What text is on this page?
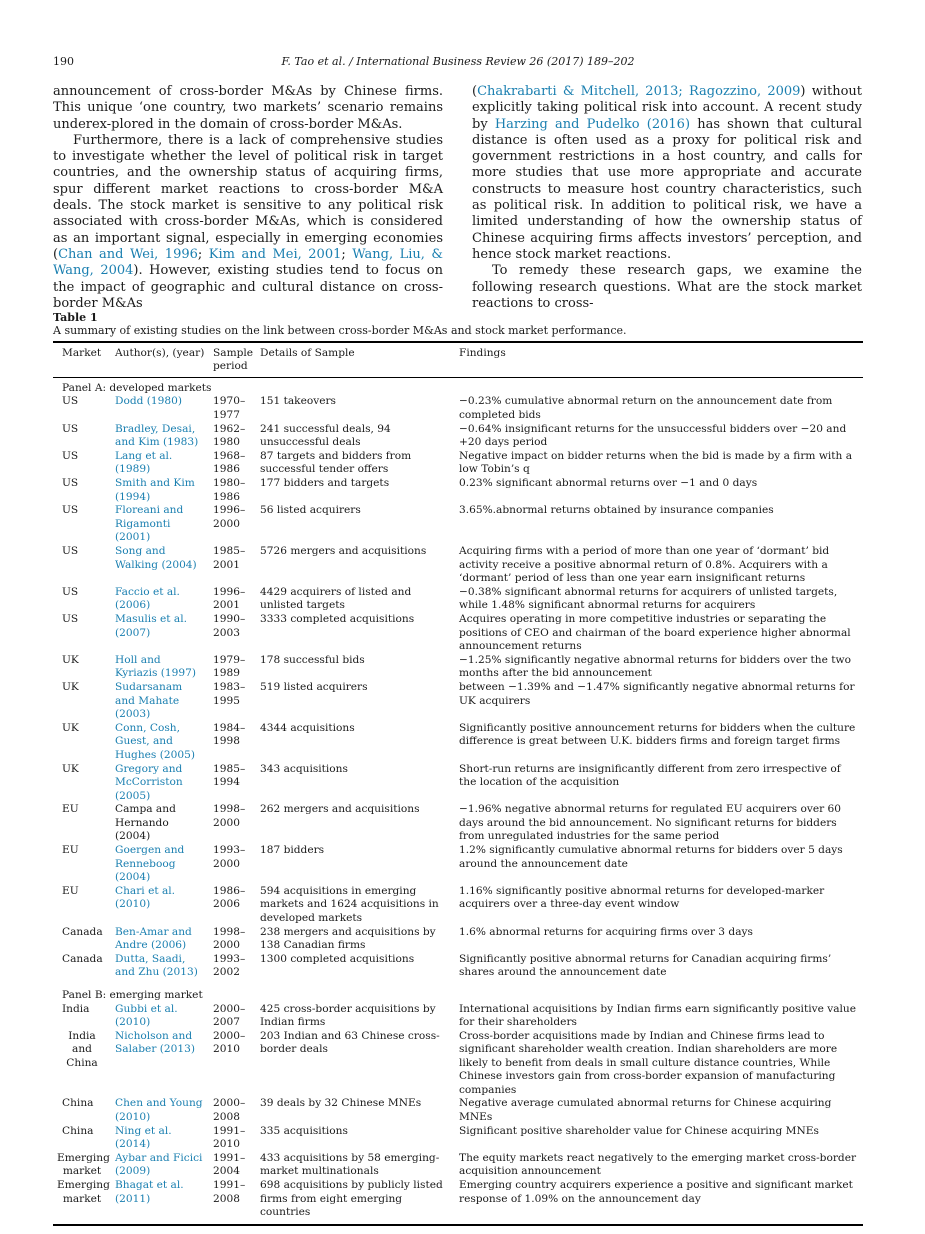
190	F. Tao et al. / International Business Review 26 (2017) 189–202

announcement of cross-border M&As by Chinese firms. This unique ‘one country, two markets’ scenario remains underex-plored in the domain of cross-border M&As.

Furthermore, there is a lack of comprehensive studies to investigate whether the level of political risk in target countries, and the ownership status of acquiring firms, spur different market reactions to cross-border M&A deals. The stock market is sensitive to any political risk associated with cross-border M&As, which is considered as an important signal, especially in emerging economies (Chan and Wei, 1996; Kim and Mei, 2001; Wang, Liu, & Wang, 2004). However, existing studies tend to focus on the impact of geographic and cultural distance on cross-border M&As

(Chakrabarti & Mitchell, 2013; Ragozzino, 2009) without explicitly taking political risk into account. A recent study by Harzing and Pudelko (2016) has shown that cultural distance is often used as a proxy for political risk and government restrictions in a host country, and calls for more studies that use more appropriate and accurate constructs to measure host country characteristics, such as political risk. In addition to political risk, we have a limited understanding of how the ownership status of Chinese acquiring firms affects investors’ perception, and hence stock market reactions.

To remedy these research gaps, we examine the following research questions. What are the stock market reactions to cross-

Table 1
A summary of existing studies on the link between cross-border M&As and stock market performance.
Market	Author(s), (year)	Sample period	Details of Sample	Findings
Panel A: developed markets				
US	Dodd (1980)	1970–1977	151 takeovers	−0.23% cumulative abnormal return on the announcement date from completed bids
US	Bradley, Desai, and Kim (1983)	1962–1980	241 successful deals, 94 unsuccessful deals	−0.64% insignificant returns for the unsuccessful bidders over −20 and +20 days period
US	Lang et al. (1989)	1968–1986	87 targets and bidders from successful tender offers	Negative impact on bidder returns when the bid is made by a firm with a low Tobin’s q
US	Smith and Kim (1994)	1980–1986	177 bidders and targets	0.23% significant abnormal returns over −1 and 0 days
US	Floreani and Rigamonti (2001)	1996–2000	56 listed acquirers	3.65%.abnormal returns obtained by insurance companies
US	Song and Walking (2004)	1985–2001	5726 mergers and acquisitions	Acquiring firms with a period of more than one year of ‘dormant’ bid activity receive a positive abnormal return of 0.8%. Acquirers with a ‘dormant’ period of less than one year earn insignificant returns
US	Faccio et al. (2006)	1996–2001	4429 acquirers of listed and unlisted targets	−0.38% significant abnormal returns for acquirers of unlisted targets, while 1.48% significant abnormal returns for acquirers
US	Masulis et al. (2007)	1990–2003	3333 completed acquisitions	Acquires operating in more competitive industries or separating the positions of CEO and chairman of the board experience higher abnormal announcement returns
UK	Holl and Kyriazis (1997)	1979–1989	178 successful bids	−1.25% significantly negative abnormal returns for bidders over the two months after the bid announcement
UK	Sudarsanam and Mahate (2003)	1983–1995	519 listed acquirers	between −1.39% and −1.47% significantly negative abnormal returns for UK acquirers
UK	Conn, Cosh, Guest, and Hughes (2005)	1984–1998	4344 acquisitions	Significantly positive announcement returns for bidders when the culture difference is great between U.K. bidders firms and foreign target firms
UK	Gregory and McCorriston (2005)	1985–1994	343 acquisitions	Short-run returns are insignificantly different from zero irrespective of the location of the acquisition
EU	Campa and Hernando (2004)	1998–2000	262 mergers and acquisitions	−1.96% negative abnormal returns for regulated EU acquirers over 60 days around the bid announcement. No significant returns for bidders from unregulated industries for the same period
EU	Goergen and Renneboog (2004)	1993–2000	187 bidders	1.2% significantly cumulative abnormal returns for bidders over 5 days around the announcement date
EU	Chari et al. (2010)	1986–2006	594 acquisitions in emerging markets and 1624 acquisitions in developed markets	1.16% significantly positive abnormal returns for developed-marker acquirers over a three-day event window
Canada	Ben-Amar and Andre (2006)	1998–2000	238 mergers and acquisitions by 138 Canadian firms	1.6% abnormal returns for acquiring firms over 3 days
Canada	Dutta, Saadi, and Zhu (2013)	1993–2002	1300 completed acquisitions	Significantly positive abnormal returns for Canadian acquiring firms’ shares around the announcement date
Panel B: emerging market				
India	Gubbi et al. (2010)	2000–2007	425 cross-border acquisitions by Indian firms	International acquisitions by Indian firms earn significantly positive value for their shareholders
India and China	Nicholson and Salaber (2013)	2000–2010	203 Indian and 63 Chinese cross-border deals	Cross-border acquisitions made by Indian and Chinese firms lead to significant shareholder wealth creation. Indian shareholders are more likely to benefit from deals in small culture distance countries, While Chinese investors gain from cross-border expansion of manufacturing companies
China	Chen and Young (2010)	2000–2008	39 deals by 32 Chinese MNEs	Negative average cumulated abnormal returns for Chinese acquiring MNEs
China	Ning et al. (2014)	1991–2010	335 acquisitions	Significant positive shareholder value for Chinese acquiring MNEs
Emerging market	Aybar and Ficici (2009)	1991–2004	433 acquisitions by 58 emerging-market multinationals	The equity markets react negatively to the emerging market cross-border acquisition announcement
Emerging market	Bhagat et al. (2011)	1991–2008	698 acquisitions by publicly listed firms from eight emerging countries	Emerging country acquirers experience a positive and significant market response of 1.09% on the announcement day
